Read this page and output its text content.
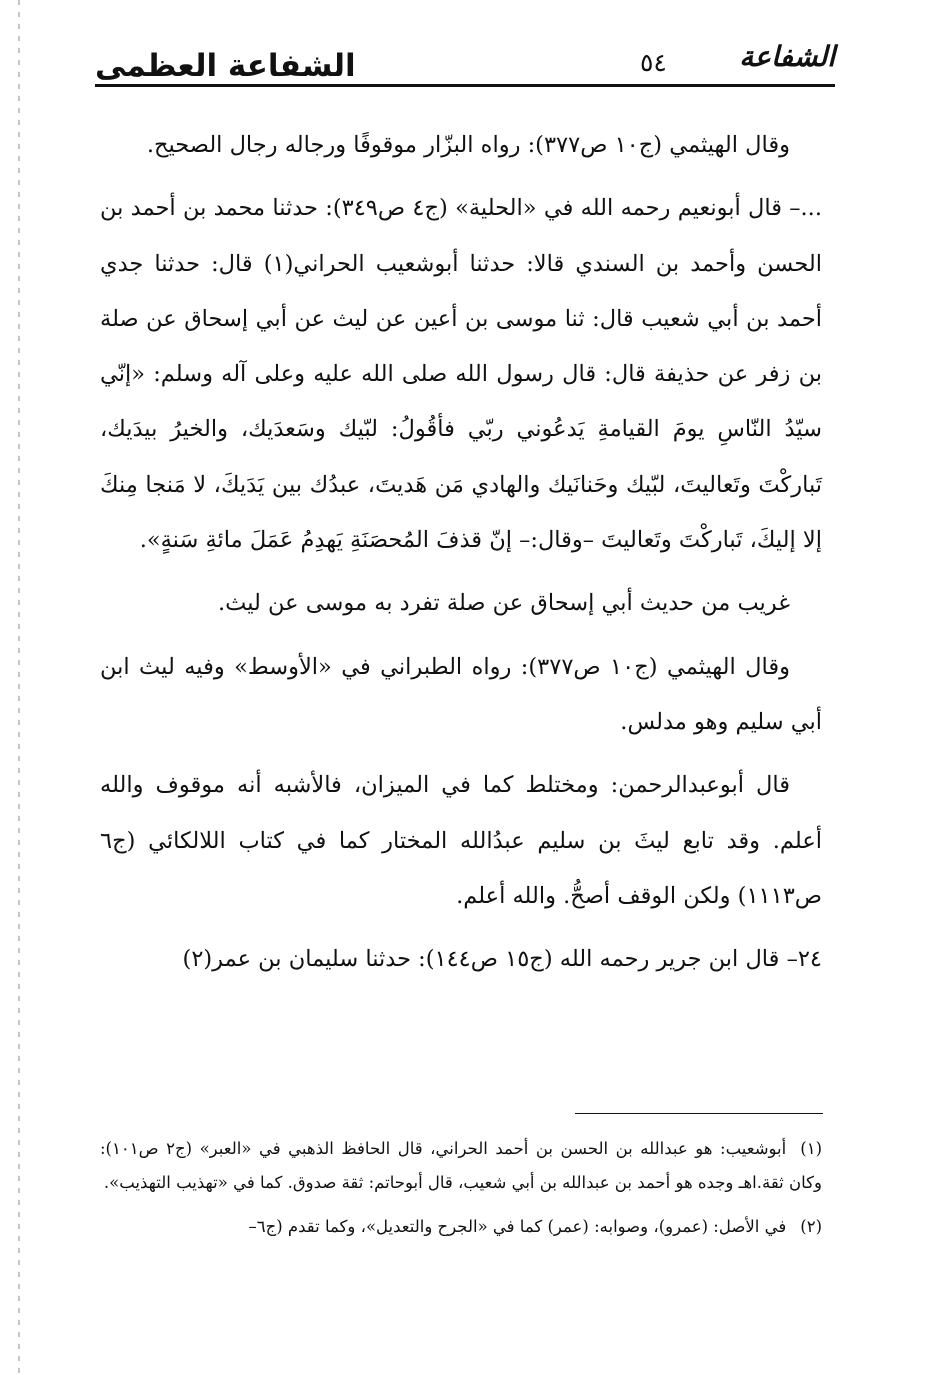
الشفاعة العظمى	الشفاعة
٥٤

وقال الهيثمي (ج١٠ ص٣٧٧): رواه البزّار موقوفًا ورجاله رجال الصحيح.

...– قال أبونعيم رحمه الله في «الحلية» (ج٤ ص٣٤٩): حدثنا محمد بن أحمد بن الحسن وأحمد بن السندي قالا: حدثنا أبوشعيب الحراني(١) قال: حدثنا جدي أحمد بن أبي شعيب قال: ثنا موسى بن أعين عن ليث عن أبي إسحاق عن صلة بن زفر عن حذيفة قال: قال رسول الله صلى الله عليه وعلى آله وسلم: «إنّي سيّدُ النّاسِ يومَ القيامةِ يَدعُوني ربّي فأقُولُ: لبّيك وسَعدَيك، والخيرُ بيدَيك، تَباركْتَ وتَعاليتَ، لبّيك وحَنانَيك والهادي مَن هَديتَ، عبدُك بين يَدَيكَ، لا مَنجا مِنكَ إلا إليكَ، تَباركْتَ وتَعاليتَ –وقال:– إنّ قذفَ المُحصَنَةِ يَهدِمُ عَمَلَ مائةِ سَنةٍ».

غريب من حديث أبي إسحاق عن صلة تفرد به موسى عن ليث.

وقال الهيثمي (ج١٠ ص٣٧٧): رواه الطبراني في «الأوسط» وفيه ليث ابن أبي سليم وهو مدلس.

قال أبوعبدالرحمن: ومختلط كما في الميزان، فالأشبه أنه موقوف والله أعلم. وقد تابع ليثَ بن سليم عبدُالله المختار كما في كتاب اللالكائي (ج٦ ص١١١٣) ولكن الوقف أصحُّ. والله أعلم.

٢٤– قال ابن جرير رحمه الله (ج١٥ ص١٤٤): حدثنا سليمان بن عمر(٢)

(١)أبوشعيب: هو عبدالله بن الحسن بن أحمد الحراني، قال الحافظ الذهبي في «العبر» (ج٢ ص١٠١): وكان ثقة.اهـ وجده هو أحمد بن عبدالله بن أبي شعيب، قال أبوحاتم: ثقة صدوق. كما في «تهذيب التهذيب».
(٢)في الأصل: (عمرو)، وصوابه: (عمر) كما في «الجرح والتعديل»، وكما تقدم (ج٦–
